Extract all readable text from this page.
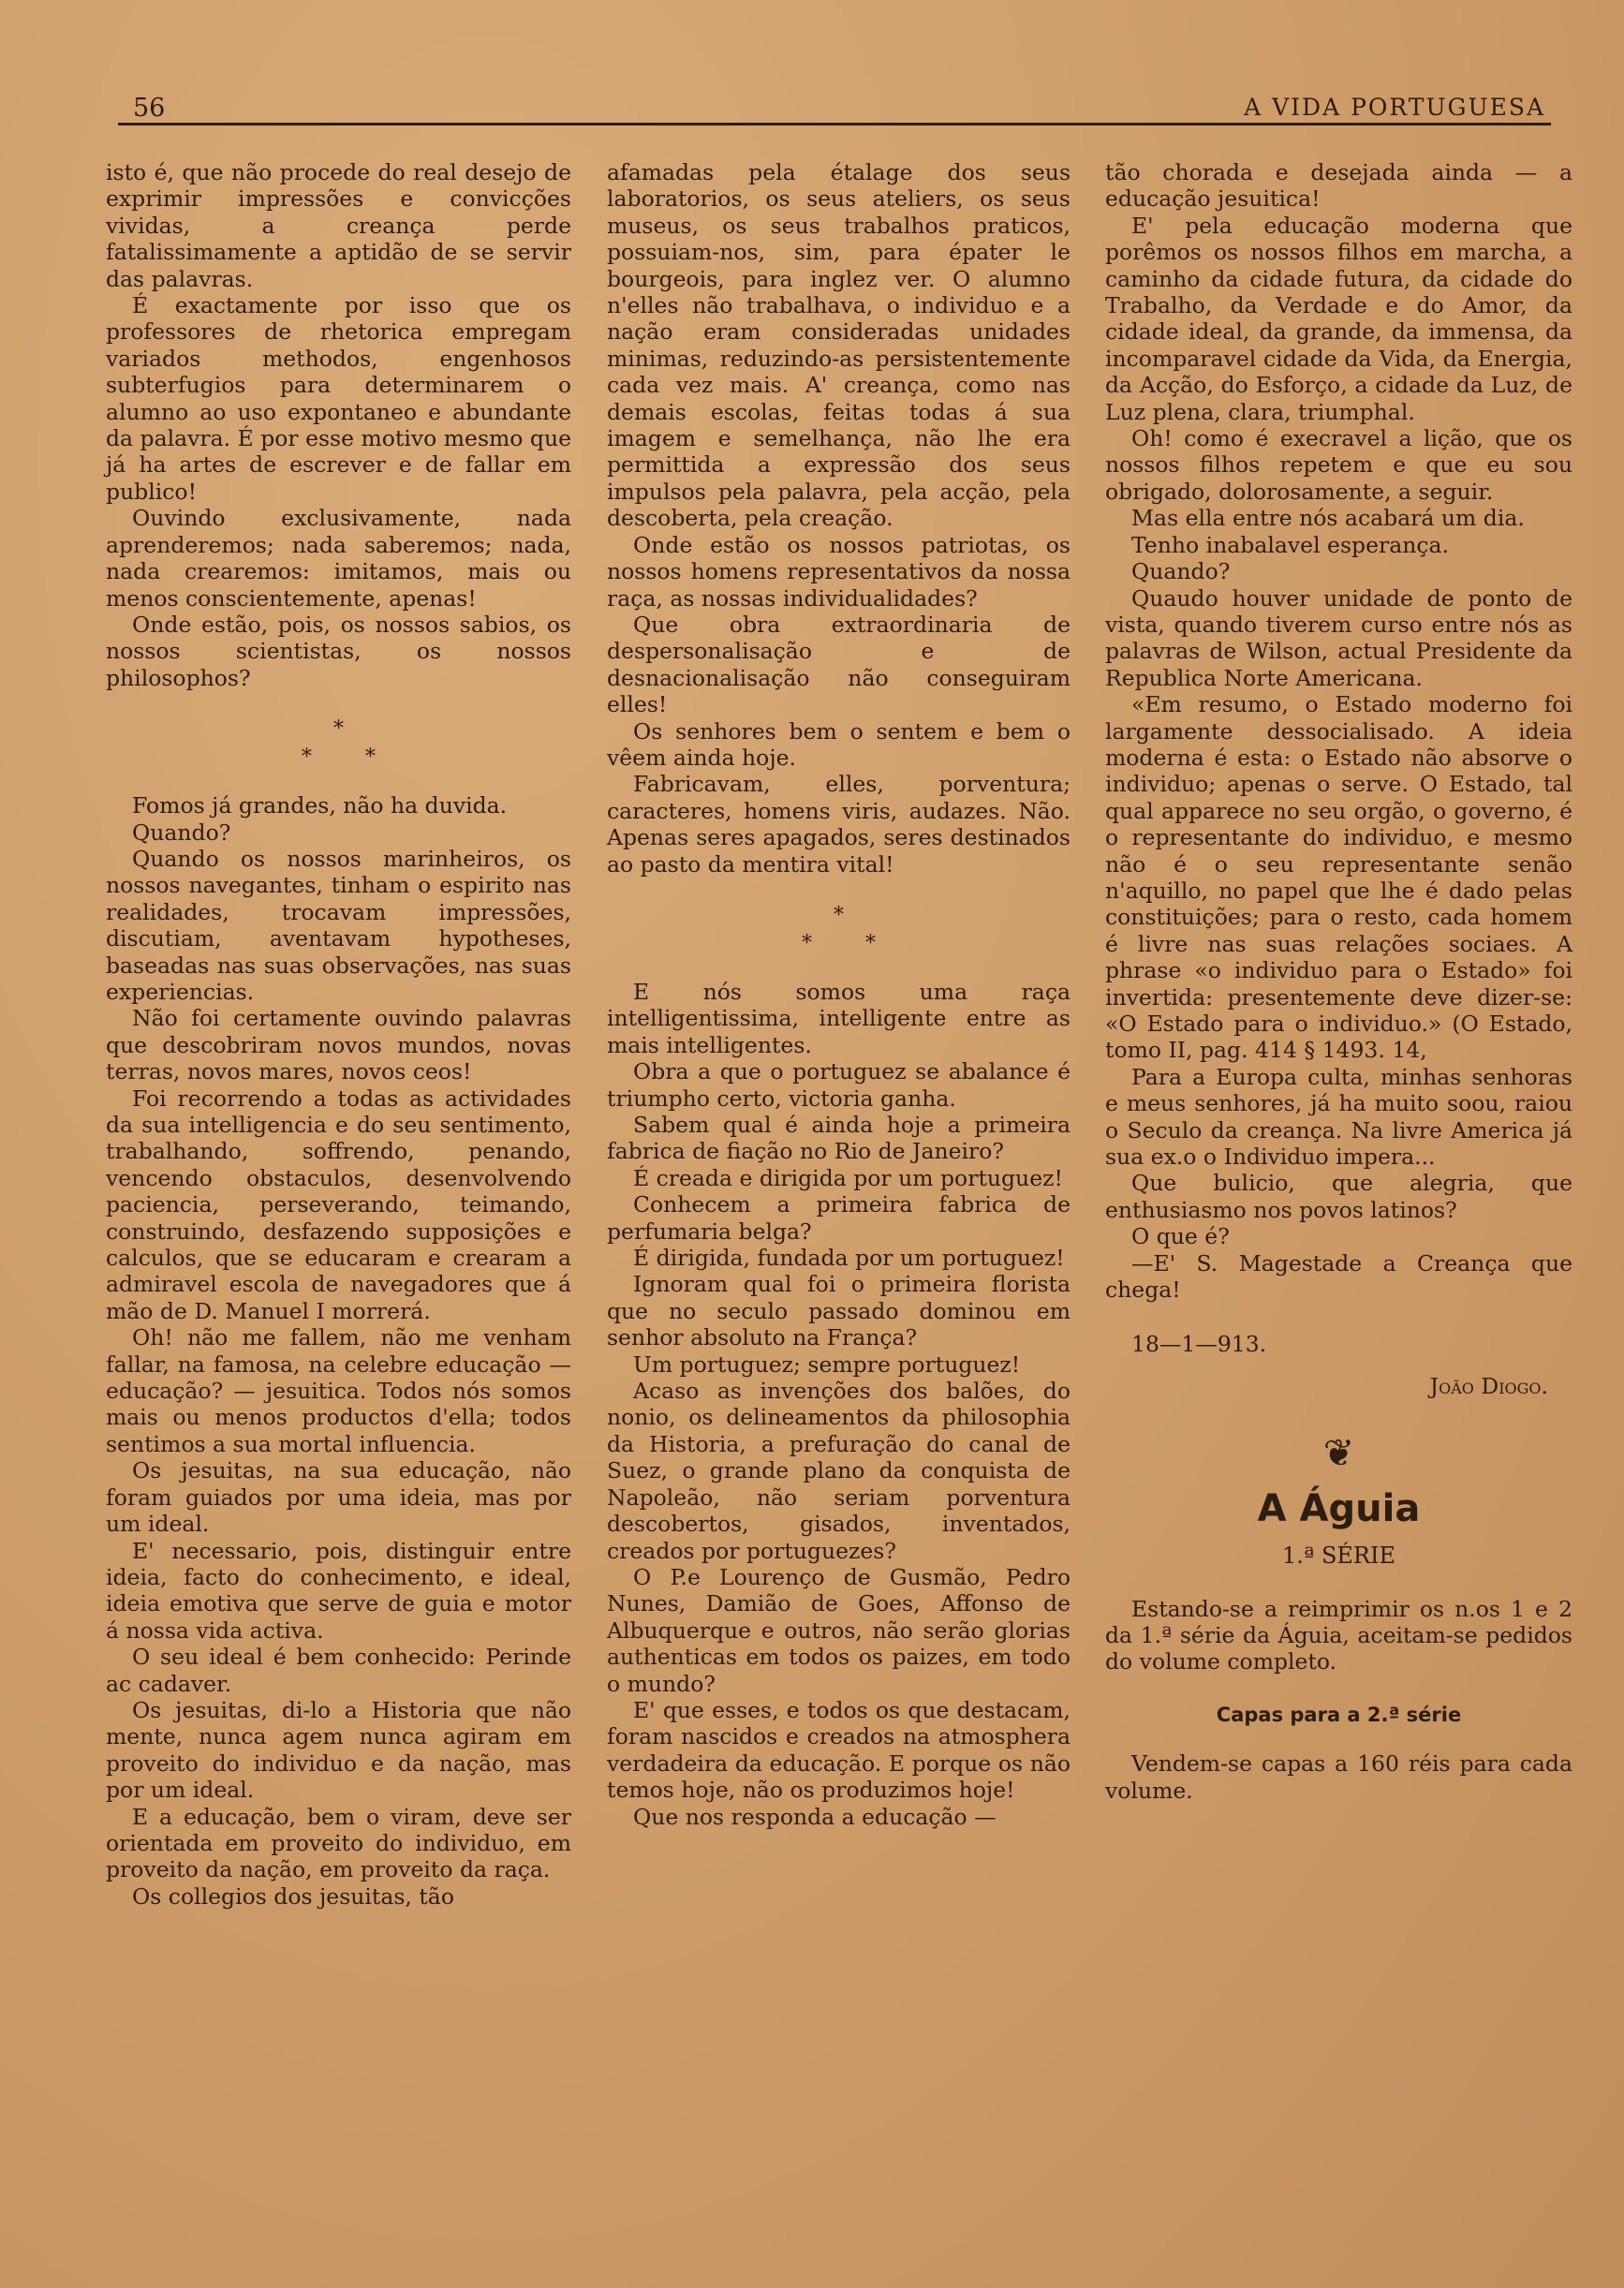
56	A VIDA PORTUGUESA

isto é, que não procede do real desejo de exprimir impressões e convicções vividas, a creança perde fatalissimamente a aptidão de se servir das palavras.

É exactamente por isso que os professores de rhetorica empregam variados methodos, engenhosos subterfugios para determinarem o alumno ao uso expontaneo e abundante da palavra. É por esse motivo mesmo que já ha artes de escrever e de fallar em publico!

Ouvindo exclusivamente, nada aprenderemos; nada saberemos; nada, nada crearemos: imitamos, mais ou menos conscientemente, apenas!

Onde estão, pois, os nossos sabios, os nossos scientistas, os nossos philosophos?

*
* *

Fomos já grandes, não ha duvida.

Quando?

Quando os nossos marinheiros, os nossos navegantes, tinham o espirito nas realidades, trocavam impressões, discutiam, aventavam hypotheses, baseadas nas suas observações, nas suas experiencias.

Não foi certamente ouvindo palavras que descobriram novos mundos, novas terras, novos mares, novos ceos!

Foi recorrendo a todas as actividades da sua intelligencia e do seu sentimento, trabalhando, soffrendo, penando, vencendo obstaculos, desenvolvendo paciencia, perseverando, teimando, construindo, desfazendo supposições e calculos, que se educaram e crearam a admiravel escola de navegadores que á mão de D. Manuel I morrerá.

Oh! não me fallem, não me venham fallar, na famosa, na celebre educação — educação? — jesuitica. Todos nós somos mais ou menos productos d'ella; todos sentimos a sua mortal influencia.

Os jesuitas, na sua educação, não foram guiados por uma ideia, mas por um ideal.

E' necessario, pois, distinguir entre ideia, facto do conhecimento, e ideal, ideia emotiva que serve de guia e motor á nossa vida activa.

O seu ideal é bem conhecido: Perinde ac cadaver.

Os jesuitas, di-lo a Historia que não mente, nunca agem nunca agiram em proveito do individuo e da nação, mas por um ideal.

E a educação, bem o viram, deve ser orientada em proveito do individuo, em proveito da nação, em proveito da raça.

Os collegios dos jesuitas, tão

afamadas pela étalage dos seus laboratorios, os seus ateliers, os seus museus, os seus trabalhos praticos, possuiam-nos, sim, para épater le bourgeois, para inglez ver. O alumno n'elles não trabalhava, o individuo e a nação eram consideradas unidades minimas, reduzindo-as persistentemente cada vez mais. A' creança, como nas demais escolas, feitas todas á sua imagem e semelhança, não lhe era permittida a expressão dos seus impulsos pela palavra, pela acção, pela descoberta, pela creação.

Onde estão os nossos patriotas, os nossos homens representativos da nossa raça, as nossas individualidades?

Que obra extraordinaria de despersonalisação e de desnacionalisação não conseguiram elles!

Os senhores bem o sentem e bem o vêem ainda hoje.

Fabricavam, elles, porventura; caracteres, homens viris, audazes. Não. Apenas seres apagados, seres destinados ao pasto da mentira vital!

*
* *

E nós somos uma raça intelligentissima, intelligente entre as mais intelligentes.

Obra a que o portuguez se abalance é triumpho certo, victoria ganha.

Sabem qual é ainda hoje a primeira fabrica de fiação no Rio de Janeiro?

É creada e dirigida por um portuguez!

Conhecem a primeira fabrica de perfumaria belga?

É dirigida, fundada por um portuguez!

Ignoram qual foi o primeira florista que no seculo passado dominou em senhor absoluto na França?

Um portuguez; sempre portuguez!

Acaso as invenções dos balões, do nonio, os delineamentos da philosophia da Historia, a prefuração do canal de Suez, o grande plano da conquista de Napoleão, não seriam porventura descobertos, gisados, inventados, creados por portuguezes?

O P.e Lourenço de Gusmão, Pedro Nunes, Damião de Goes, Affonso de Albuquerque e outros, não serão glorias authenticas em todos os paizes, em todo o mundo?

E' que esses, e todos os que destacam, foram nascidos e creados na atmosphera verdadeira da educação. E porque os não temos hoje, não os produzimos hoje!

Que nos responda a educação —

tão chorada e desejada ainda — a educação jesuitica!

E' pela educação moderna que porêmos os nossos filhos em marcha, a caminho da cidade futura, da cidade do Trabalho, da Verdade e do Amor, da cidade ideal, da grande, da immensa, da incomparavel cidade da Vida, da Energia, da Acção, do Esforço, a cidade da Luz, de Luz plena, clara, triumphal.

Oh! como é execravel a lição, que os nossos filhos repetem e que eu sou obrigado, dolorosamente, a seguir.

Mas ella entre nós acabará um dia.

Tenho inabalavel esperança.

Quando?

Quaudo houver unidade de ponto de vista, quando tiverem curso entre nós as palavras de Wilson, actual Presidente da Republica Norte Americana.

«Em resumo, o Estado moderno foi largamente dessocialisado. A ideia moderna é esta: o Estado não absorve o individuo; apenas o serve. O Estado, tal qual apparece no seu orgão, o governo, é o representante do individuo, e mesmo não é o seu representante senão n'aquillo, no papel que lhe é dado pelas constituições; para o resto, cada homem é livre nas suas relações sociaes. A phrase «o individuo para o Estado» foi invertida: presentemente deve dizer-se: «O Estado para o individuo.» (O Estado, tomo II, pag. 414 § 1493. 14,

Para a Europa culta, minhas senhoras e meus senhores, já ha muito soou, raiou o Seculo da creança. Na livre America já sua ex.o o Individuo impera...

Que bulicio, que alegria, que enthusiasmo nos povos latinos?

O que é?

—E' S. Magestade a Creança que chega!

18—1—913.

João Diogo.

❦
A Águia
1.ª SÉRIE

Estando-se a reimprimir os n.os 1 e 2 da 1.ª série da Águia, aceitam-se pedidos do volume completo.

Capas para a 2.ª série

Vendem-se capas a 160 réis para cada volume.
